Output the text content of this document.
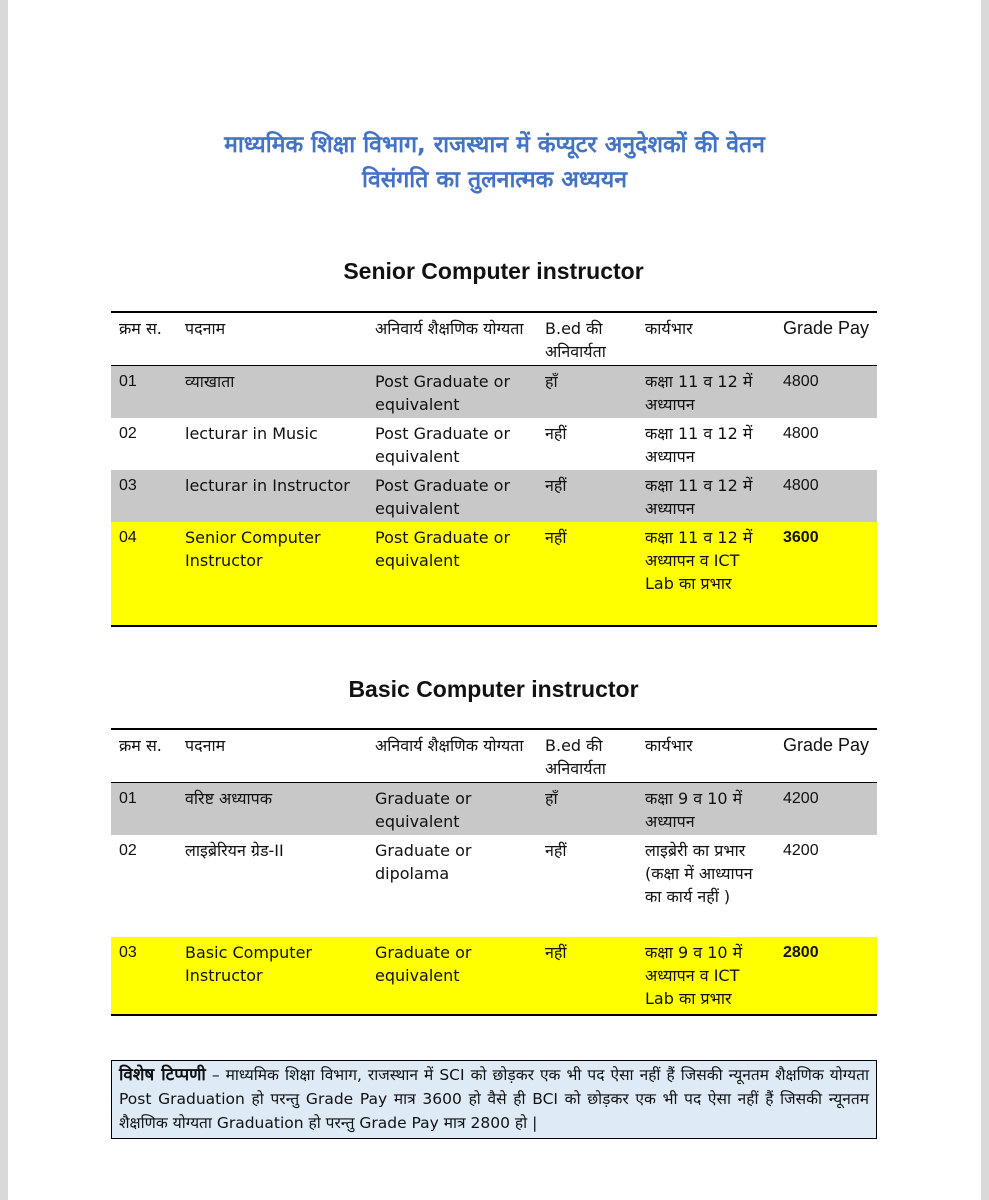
माध्यमिक शिक्षा विभाग, राजस्थान में कंप्यूटर अनुदेशकों की वेतन
विसंगति का तुलनात्मक अध्ययन
Senior Computer instructor
क्रम स.	पदनाम	अनिवार्य शैक्षणिक योग्यता	B.ed की अनिवार्यता	कार्यभार	Grade Pay
01	व्याखाता	Post Graduate or equivalent	हाँ	कक्षा 11 व 12 में अध्यापन	4800
02	lecturar in Music	Post Graduate or equivalent	नहीं	कक्षा 11 व 12 में अध्यापन	4800
03	lecturar in Instructor	Post Graduate or equivalent	नहीं	कक्षा 11 व 12 में अध्यापन	4800
04	Senior Computer Instructor	Post Graduate or equivalent	नहीं	कक्षा 11 व 12 में अध्यापन व ICT Lab का प्रभार	3600
Basic Computer instructor
क्रम स.	पदनाम	अनिवार्य शैक्षणिक योग्यता	B.ed की अनिवार्यता	कार्यभार	Grade Pay
01	वरिष्ट अध्यापक	Graduate or equivalent	हाँ	कक्षा 9 व 10 में अध्यापन	4200
02	लाइब्रेरियन ग्रेड-II	Graduate or dipolama	नहीं	लाइब्रेरी का प्रभार (कक्षा में आध्यापन का कार्य नहीं )	4200
03	Basic Computer Instructor	Graduate or equivalent	नहीं	कक्षा 9 व 10 में अध्यापन व ICT Lab का प्रभार	2800
विशेष टिप्पणी – माध्यमिक शिक्षा विभाग, राजस्थान में SCI को छोड़कर एक भी पद ऐसा नहीं हैं जिसकी न्यूनतम शैक्षणिक योग्यता Post Graduation हो परन्तु Grade Pay मात्र 3600 हो वैसे ही BCI को छोड़कर एक भी पद ऐसा नहीं हैं जिसकी न्यूनतम शैक्षणिक योग्यता Graduation हो परन्तु Grade Pay मात्र 2800 हो |
